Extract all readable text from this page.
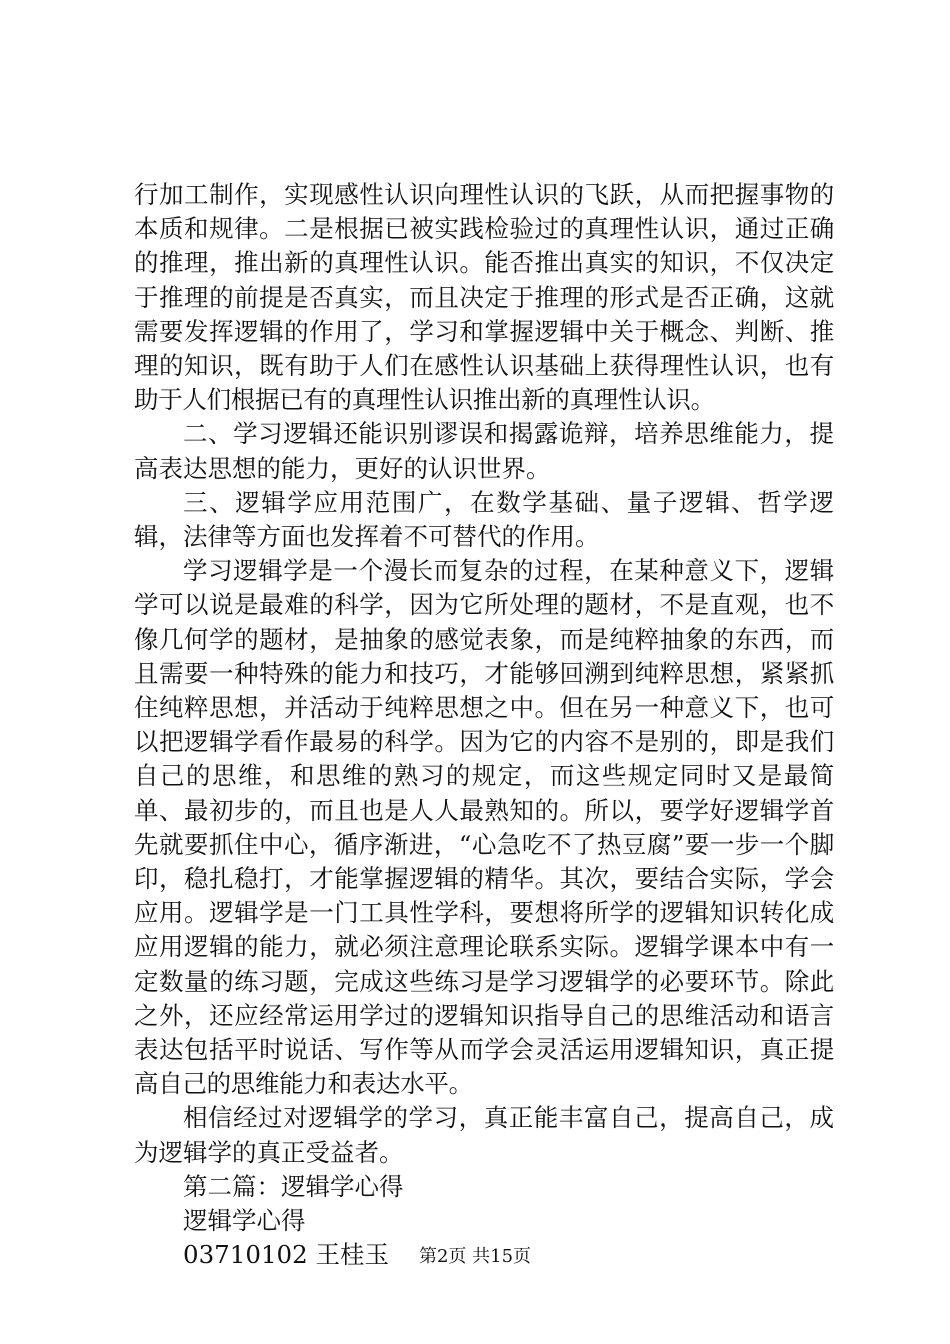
行加工制作，实现感性认识向理性认识的飞跃，从而把握事物的本质和规律。二是根据已被实践检验过的真理性认识，通过正确的推理，推出新的真理性认识。能否推出真实的知识，不仅决定于推理的前提是否真实，而且决定于推理的形式是否正确，这就需要发挥逻辑的作用了，学习和掌握逻辑中关于概念、判断、推理的知识，既有助于人们在感性认识基础上获得理性认识，也有助于人们根据已有的真理性认识推出新的真理性认识。

二、学习逻辑还能识别谬误和揭露诡辩，培养思维能力，提高表达思想的能力，更好的认识世界。

三、逻辑学应用范围广，在数学基础、量子逻辑、哲学逻辑，法律等方面也发挥着不可替代的作用。

学习逻辑学是一个漫长而复杂的过程，在某种意义下，逻辑学可以说是最难的科学，因为它所处理的题材，不是直观，也不像几何学的题材，是抽象的感觉表象，而是纯粹抽象的东西，而且需要一种特殊的能力和技巧，才能够回溯到纯粹思想，紧紧抓住纯粹思想，并活动于纯粹思想之中。但在另一种意义下，也可以把逻辑学看作最易的科学。因为它的内容不是别的，即是我们自己的思维，和思维的熟习的规定，而这些规定同时又是最简单、最初步的，而且也是人人最熟知的。所以，要学好逻辑学首先就要抓住中心，循序渐进，“心急吃不了热豆腐”要一步一个脚印，稳扎稳打，才能掌握逻辑的精华。其次，要结合实际，学会应用。逻辑学是一门工具性学科，要想将所学的逻辑知识转化成应用逻辑的能力，就必须注意理论联系实际。逻辑学课本中有一定数量的练习题，完成这些练习是学习逻辑学的必要环节。除此之外，还应经常运用学过的逻辑知识指导自己的思维活动和语言表达包括平时说话、写作等从而学会灵活运用逻辑知识，真正提高自己的思维能力和表达水平。

相信经过对逻辑学的学习，真正能丰富自己，提高自己，成为逻辑学的真正受益者。

第二篇：逻辑学心得

逻辑学心得

03710102 王桂玉	第2页 共15页
